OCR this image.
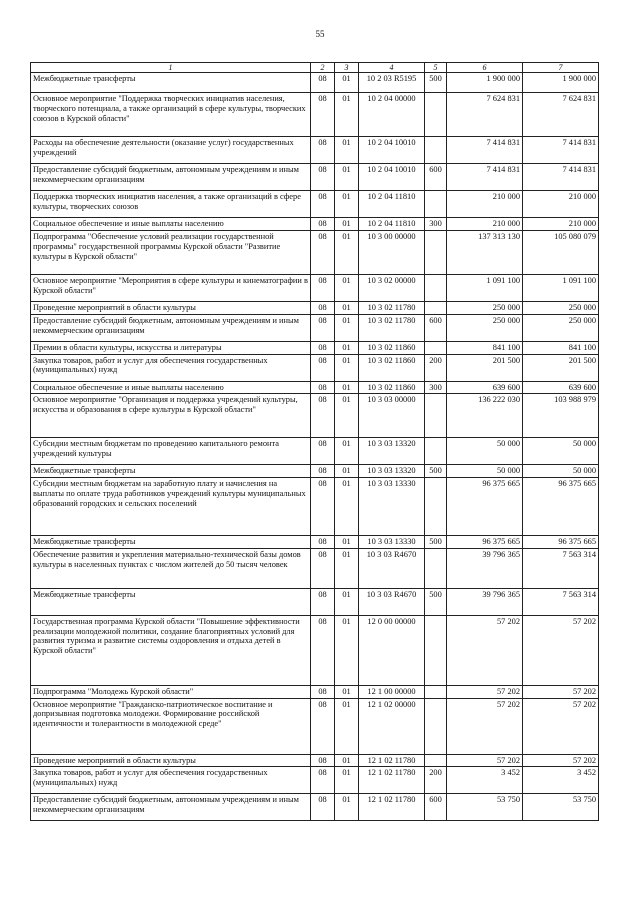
55
1	2	3	4	5	6	7
Межбюджетные трансферты	08	01	10 2 03 R5195	500	1 900 000	1 900 000
Основное мероприятие "Поддержка творческих инициатив населения, творческого потенциала, а также организаций в сфере культуры, творческих союзов в Курской области"	08	01	10 2 04 00000		7 624 831	7 624 831
Расходы на обеспечение деятельности (оказание услуг) государственных учреждений	08	01	10 2 04 10010		7 414 831	7 414 831
Предоставление субсидий бюджетным, автономным учреждениям и иным некоммерческим организациям	08	01	10 2 04 10010	600	7 414 831	7 414 831
Поддержка творческих инициатив населения, а также организаций в сфере культуры, творческих союзов	08	01	10 2 04 11810		210 000	210 000
Социальное обеспечение и иные выплаты населению	08	01	10 2 04 11810	300	210 000	210 000
Подпрограмма "Обеспечение условий реализации государственной программы" государственной программы Курской области "Развитие культуры в Курской области"	08	01	10 3 00 00000		137 313 130	105 080 079
Основное мероприятие "Мероприятия в сфере культуры и кинематографии в Курской области"	08	01	10 3 02 00000		1 091 100	1 091 100
Проведение мероприятий в области культуры	08	01	10 3 02 11780		250 000	250 000
Предоставление субсидий бюджетным, автономным учреждениям и иным некоммерческим организациям	08	01	10 3 02 11780	600	250 000	250 000
Премии в области культуры, искусства и литературы	08	01	10 3 02 11860		841 100	841 100
Закупка товаров, работ и услуг для обеспечения государственных (муниципальных) нужд	08	01	10 3 02 11860	200	201 500	201 500
Социальное обеспечение и иные выплаты населению	08	01	10 3 02 11860	300	639 600	639 600
Основное мероприятие "Организация и поддержка учреждений культуры, искусства и образования в сфере культуры в Курской области"	08	01	10 3 03 00000		136 222 030	103 988 979
Субсидии местным бюджетам по проведению капитального ремонта учреждений культуры	08	01	10 3 03 13320		50 000	50 000
Межбюджетные трансферты	08	01	10 3 03 13320	500	50 000	50 000
Субсидии местным бюджетам на заработную плату и начисления на выплаты по оплате труда работников учреждений культуры муниципальных образований городских и сельских поселений	08	01	10 3 03 13330		96 375 665	96 375 665
Межбюджетные трансферты	08	01	10 3 03 13330	500	96 375 665	96 375 665
Обеспечение развития и укрепления материально-технической базы домов культуры в населенных пунктах с числом жителей до 50 тысяч человек	08	01	10 3 03 R4670		39 796 365	7 563 314
Межбюджетные трансферты	08	01	10 3 03 R4670	500	39 796 365	7 563 314
Государственная программа Курской области "Повышение эффективности реализации молодежной политики, создание благоприятных условий для развития туризма и развитие системы оздоровления и отдыха детей в Курской области"	08	01	12 0 00 00000		57 202	57 202
Подпрограмма "Молодежь Курской области"	08	01	12 1 00 00000		57 202	57 202
Основное мероприятие "Гражданско-патриотическое воспитание и допризывная подготовка молодежи. Формирование российской идентичности и толерантности в молодежной среде"	08	01	12 1 02 00000		57 202	57 202
Проведение мероприятий в области культуры	08	01	12 1 02 11780		57 202	57 202
Закупка товаров, работ и услуг для обеспечения государственных (муниципальных) нужд	08	01	12 1 02 11780	200	3 452	3 452
Предоставление субсидий бюджетным, автономным учреждениям и иным некоммерческим организациям	08	01	12 1 02 11780	600	53 750	53 750
